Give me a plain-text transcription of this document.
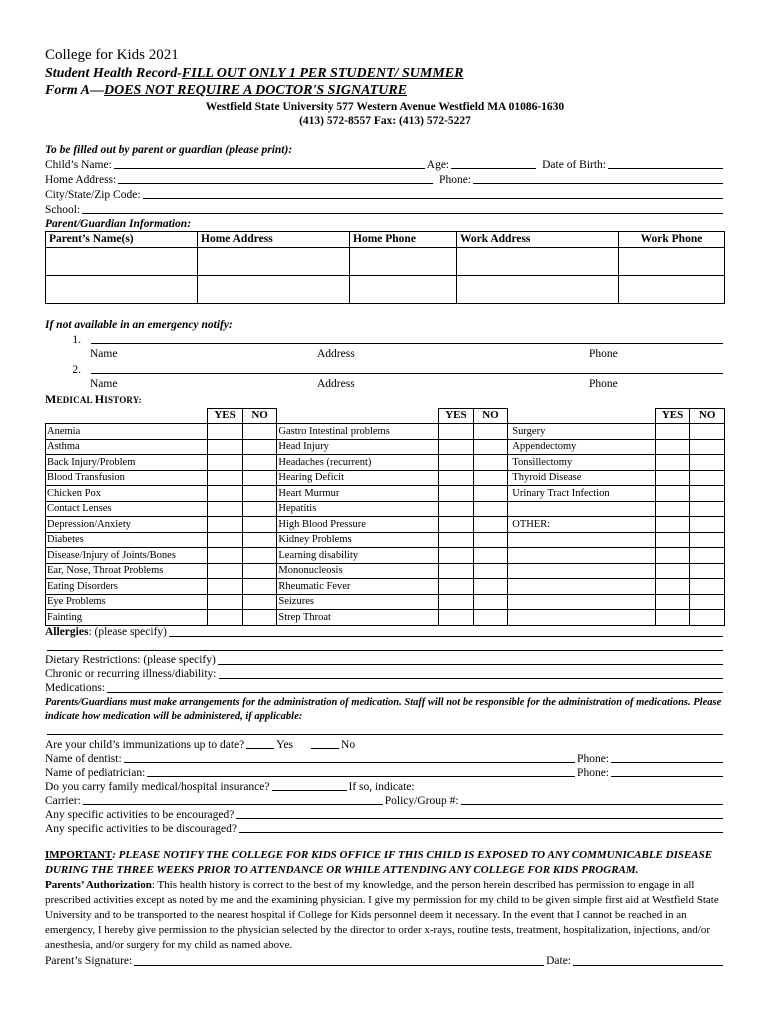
College for Kids 2021
Student Health Record-FILL OUT ONLY 1 PER STUDENT/ SUMMER
Form A—DOES NOT REQUIRE A DOCTOR'S SIGNATURE
Westfield State University 577 Western Avenue Westfield MA 01086-1630
(413) 572-8557 Fax: (413) 572-5227
To be filled out by parent or guardian (please print):
Child’s Name:	Age:	Date of Birth:
Home Address:	Phone:
City/State/Zip Code:
School:
Parent/Guardian Information:
Parent’s Name(s)	Home Address	Home Phone	Work Address	Work Phone

If not available in an emergency notify:
1.
Name	Address	Phone
2.
Name	Address	Phone
MEDICAL HISTORY:
	YES	NO		YES	NO		YES	NO
Anemia			Gastro Intestinal problems			Surgery		
Asthma			Head Injury			Appendectomy		
Back Injury/Problem			Headaches (recurrent)			Tonsillectomy		
Blood Transfusion			Hearing Deficit			Thyroid Disease		
Chicken Pox			Heart Murmur			Urinary Tract Infection		
Contact Lenses			Hepatitis					
Depression/Anxiety			High Blood Pressure			OTHER:		
Diabetes			Kidney Problems					
Disease/Injury of Joints/Bones			Learning disability					
Ear, Nose, Throat Problems			Mononucleosis					
Eating Disorders			Rheumatic Fever					
Eye Problems			Seizures					
Fainting			Strep Throat					
Allergies : (please specify)
Dietary Restrictions: (please specify)
Chronic or recurring illness/diability:
Medications:
Parents/Guardians must make arrangements for the administration of medication. Staff will not be responsible for the administration of medications. Please indicate how medication will be administered, if applicable:
Are your child’s immunizations up to date?	Yes	No
Name of dentist:	Phone:
Name of pediatrician:	Phone:
Do you carry family medical/hospital insurance?	If so, indicate:
Carrier:	Policy/Group #:
Any specific activities to be encouraged?
Any specific activities to be discouraged?
IMPORTANT: PLEASE NOTIFY THE COLLEGE FOR KIDS OFFICE IF THIS CHILD IS EXPOSED TO ANY COMMUNICABLE DISEASE DURING THE THREE WEEKS PRIOR TO ATTENDANCE OR WHILE ATTENDING ANY COLLEGE FOR KIDS PROGRAM.
Parents’ Authorization: This health history is correct to the best of my knowledge, and the person herein described has permission to engage in all prescribed activities except as noted by me and the examining physician. I give my permission for my child to be given simple first aid at Westfield State University and to be transported to the nearest hospital if College for Kids personnel deem it necessary. In the event that I cannot be reached in an emergency, I hereby give permission to the physician selected by the director to order x-rays, routine tests, treatment, hospitalization, injections, and/or anesthesia, and/or surgery for my child as named above.
Parent’s Signature:	Date:
